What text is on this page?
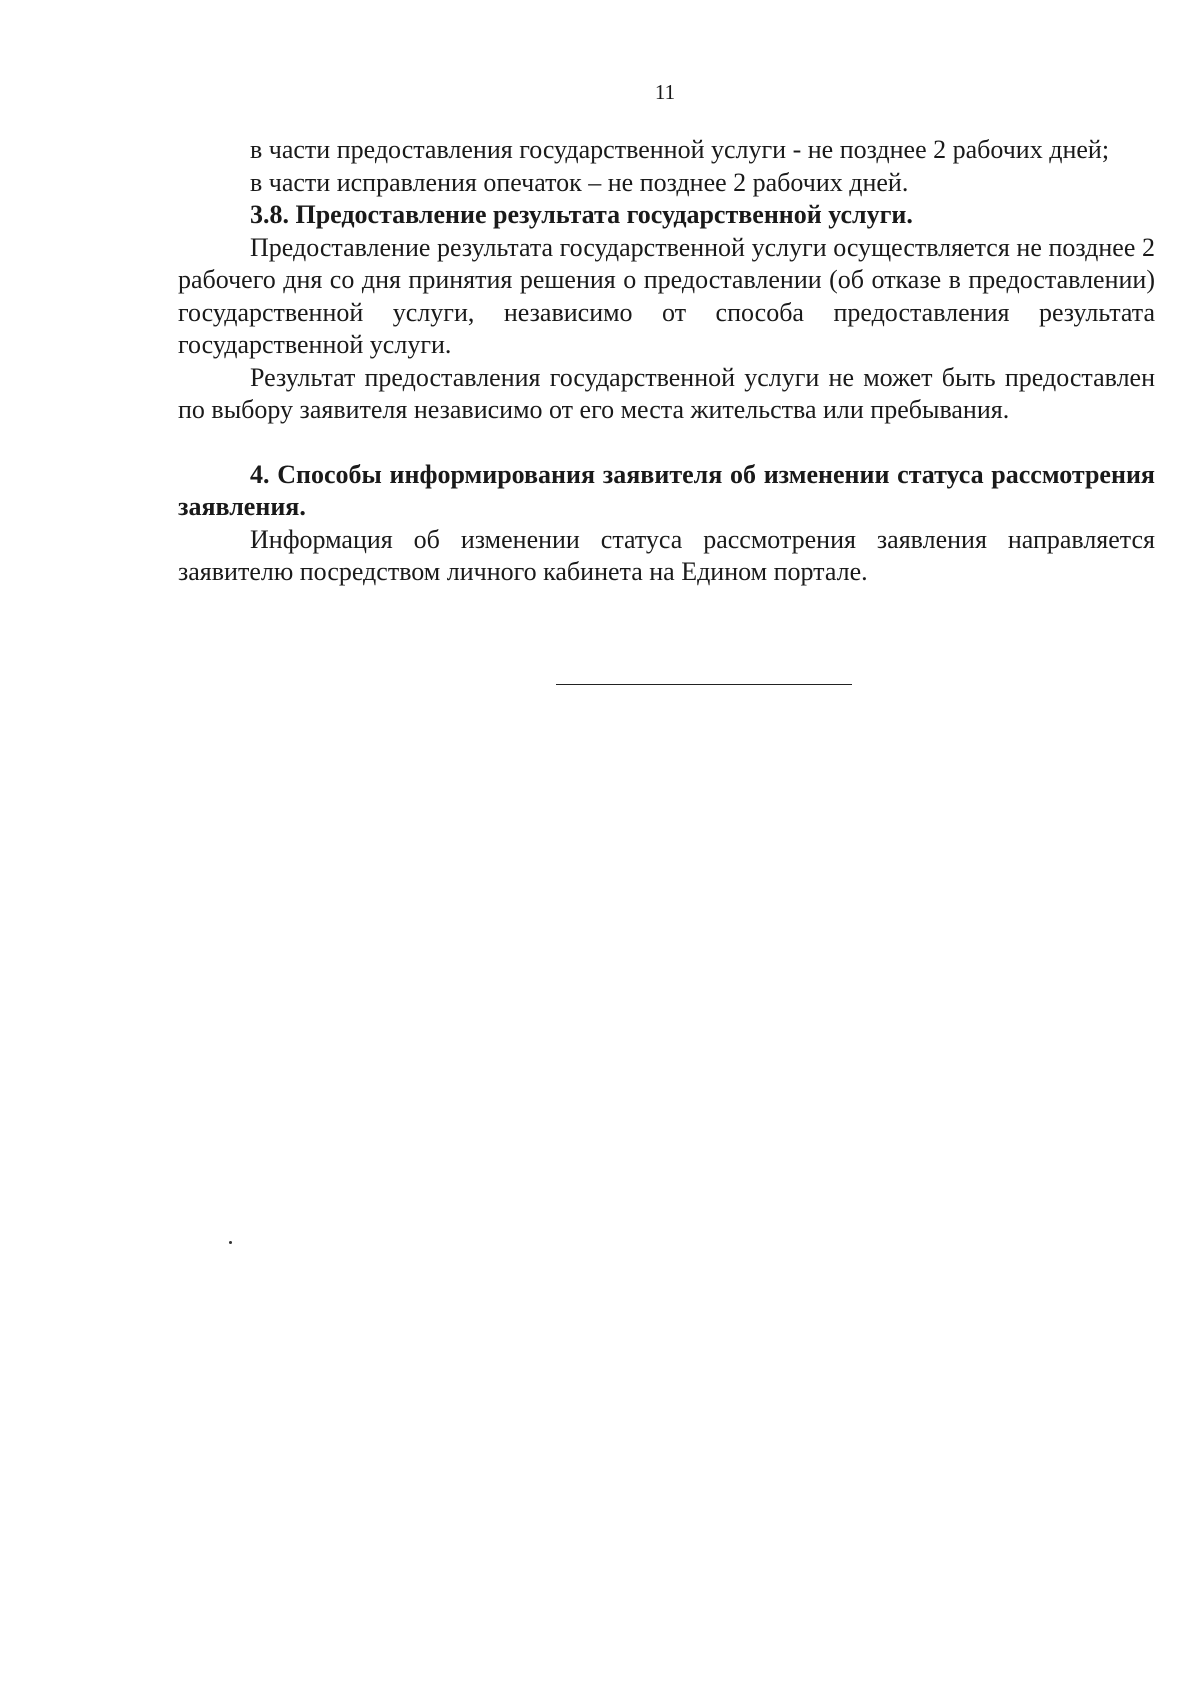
11

в части предоставления государственной услуги - не позднее 2 рабочих дней;

в части исправления опечаток – не позднее 2 рабочих дней.

3.8. Предоставление результата государственной услуги.

Предоставление результата государственной услуги осуществляется не позднее 2 рабочего дня со дня принятия решения о предоставлении (об отказе в предоставлении) государственной услуги, независимо от способа предоставления результата государственной услуги.

Результат предоставления государственной услуги не может быть предоставлен по выбору заявителя независимо от его места жительства или пребывания.

4. Способы информирования заявителя об изменении статуса рассмотрения заявления.

Информация об изменении статуса рассмотрения заявления направляется заявителю посредством личного кабинета на Едином портале.
